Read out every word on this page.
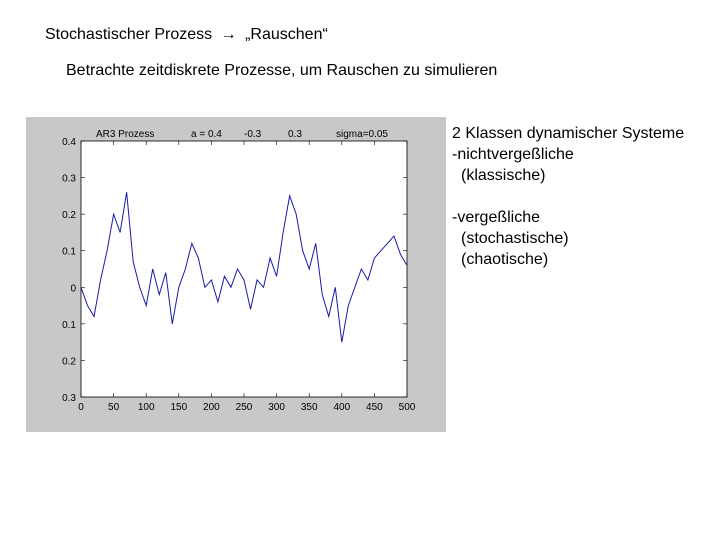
Stochastischer Prozess → „Rauschen“
Betrachte zeitdiskrete Prozesse, um Rauschen zu simulieren
0.4
0.3
0.2
0.1
0
0.1
0.2
0.3
0 50 100 150 200 250 300 350 400 450 500
AR3 Prozess	a = 0.4 -0.3	0.3	sigma=0.05	2 Klassen dynamischer Systeme
-nichtvergeßliche
(klassische)
-vergeßliche
(stochastische)
(chaotische)
